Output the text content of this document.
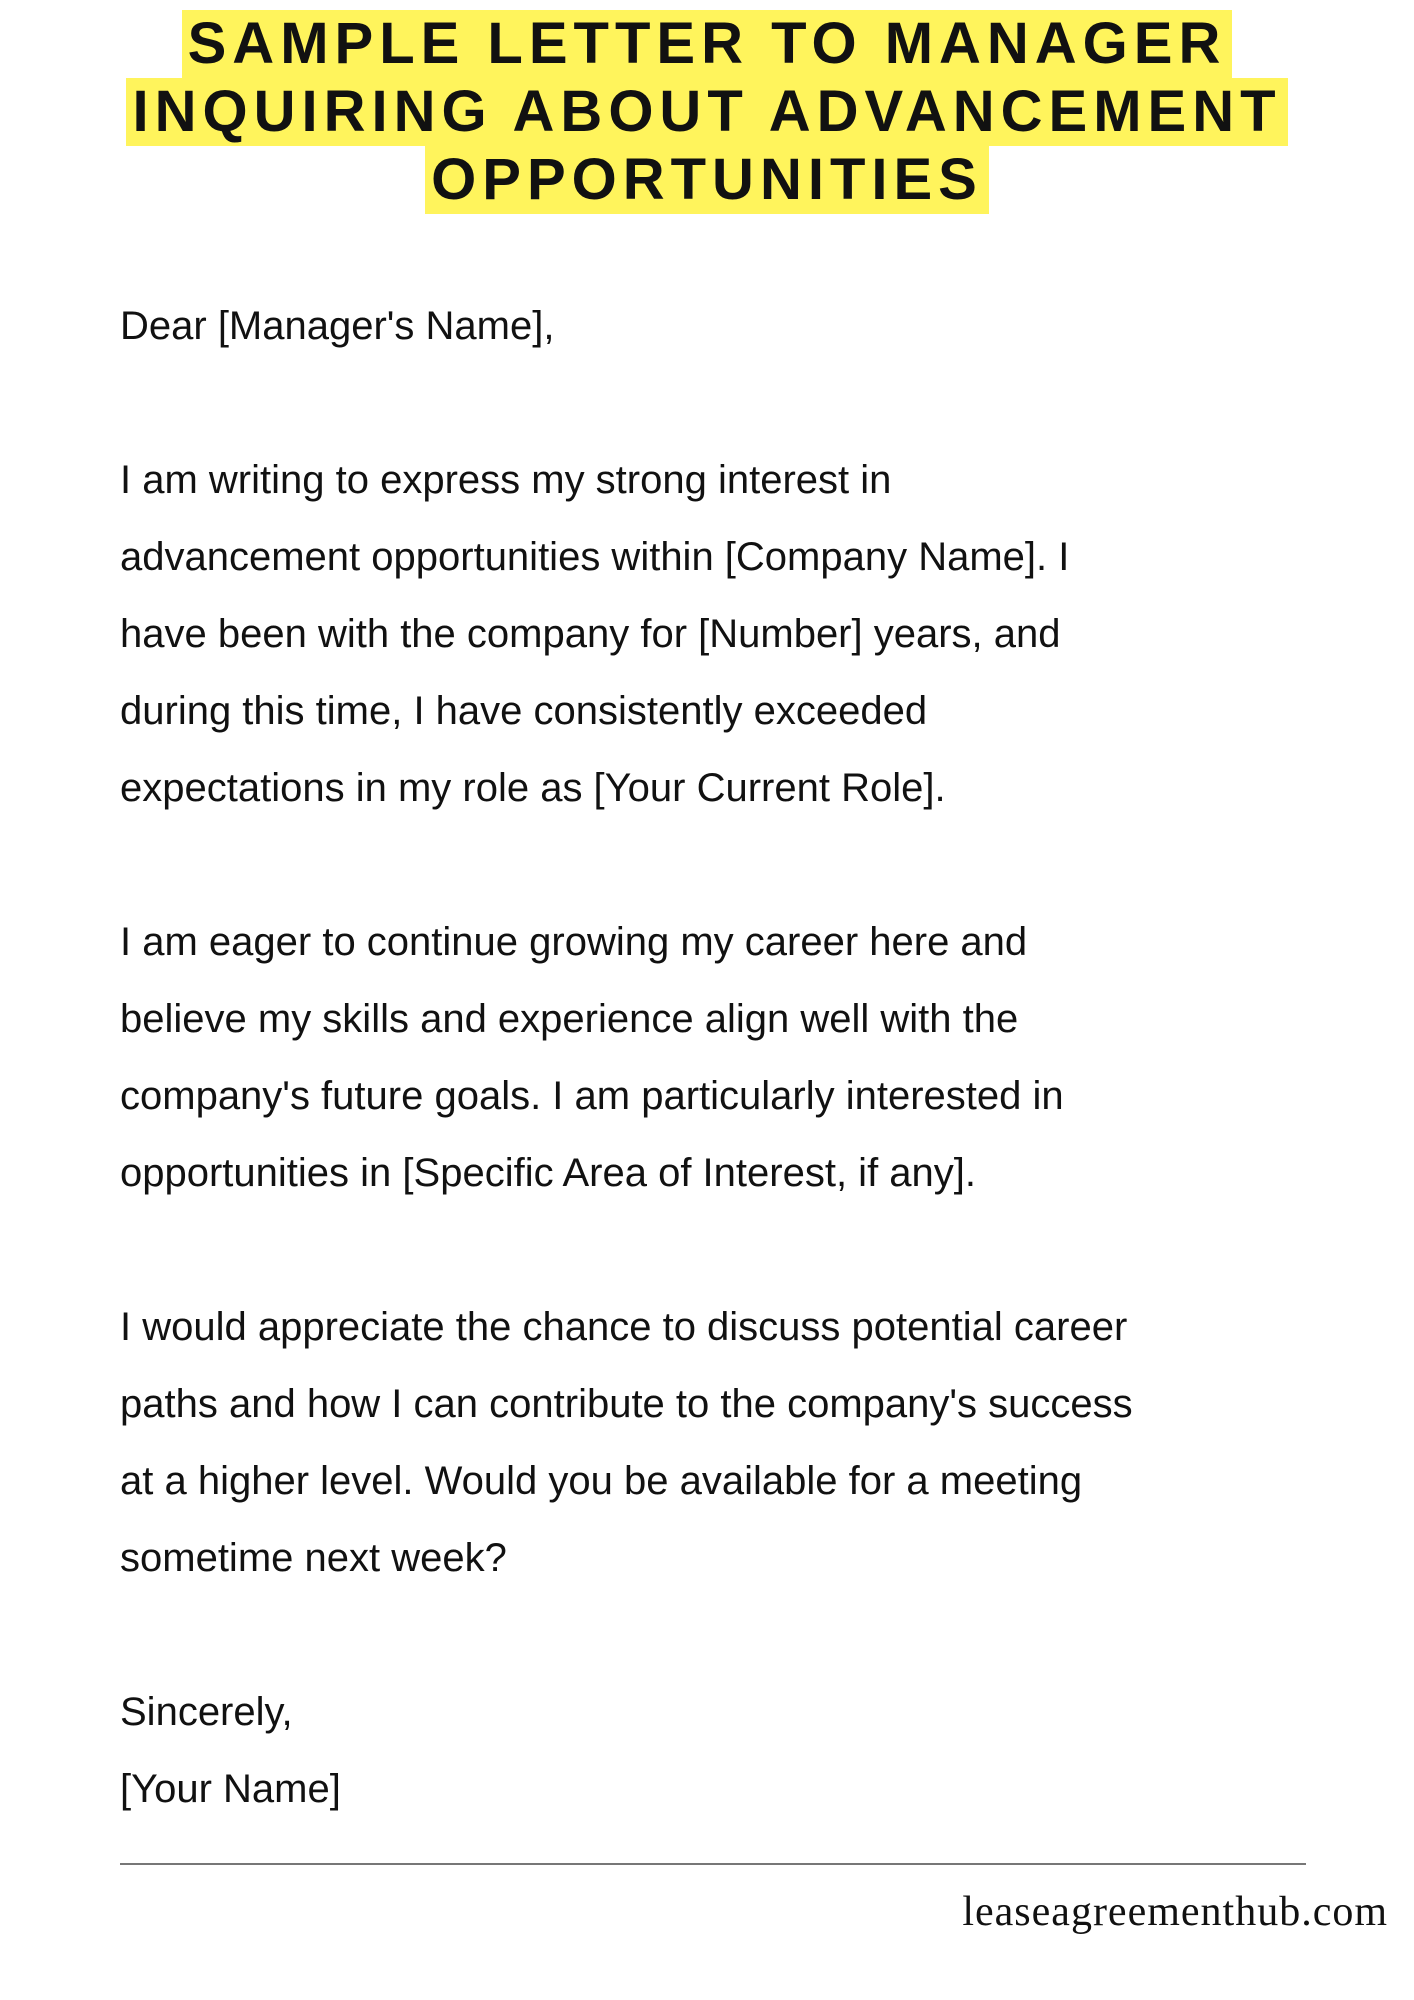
SAMPLE LETTER TO MANAGER
INQUIRING ABOUT ADVANCEMENT
OPPORTUNITIES

Dear [Manager's Name],

I am writing to express my strong interest in
advancement opportunities within [Company Name]. I
have been with the company for [Number] years, and
during this time, I have consistently exceeded
expectations in my role as [Your Current Role].

I am eager to continue growing my career here and
believe my skills and experience align well with the
company's future goals. I am particularly interested in
opportunities in [Specific Area of Interest, if any].

I would appreciate the chance to discuss potential career
paths and how I can contribute to the company's success
at a higher level. Would you be available for a meeting
sometime next week?

Sincerely,
[Your Name]
leaseagreementhub.com
